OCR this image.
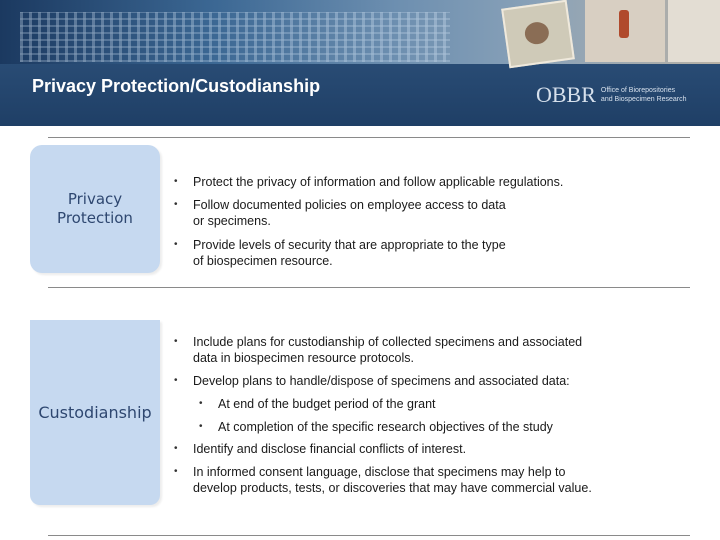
Privacy Protection/Custodianship	OBBR Office of Biorepositories
and Biospecimen Research
Privacy
Protection
Custodianship
• Protect the privacy of information and follow applicable regulations.
• Follow documented policies on employee access to data
or specimens.
• Provide levels of security that are appropriate to the type
of biospecimen resource.
• Include plans for custodianship of collected specimens and associated
data in biospecimen resource protocols.
• Develop plans to handle/dispose of specimens and associated data:
• At end of the budget period of the grant
• At completion of the specific research objectives of the study
• Identify and disclose financial conflicts of interest.
• In informed consent language, disclose that specimens may help to
develop products, tests, or discoveries that may have commercial value.
